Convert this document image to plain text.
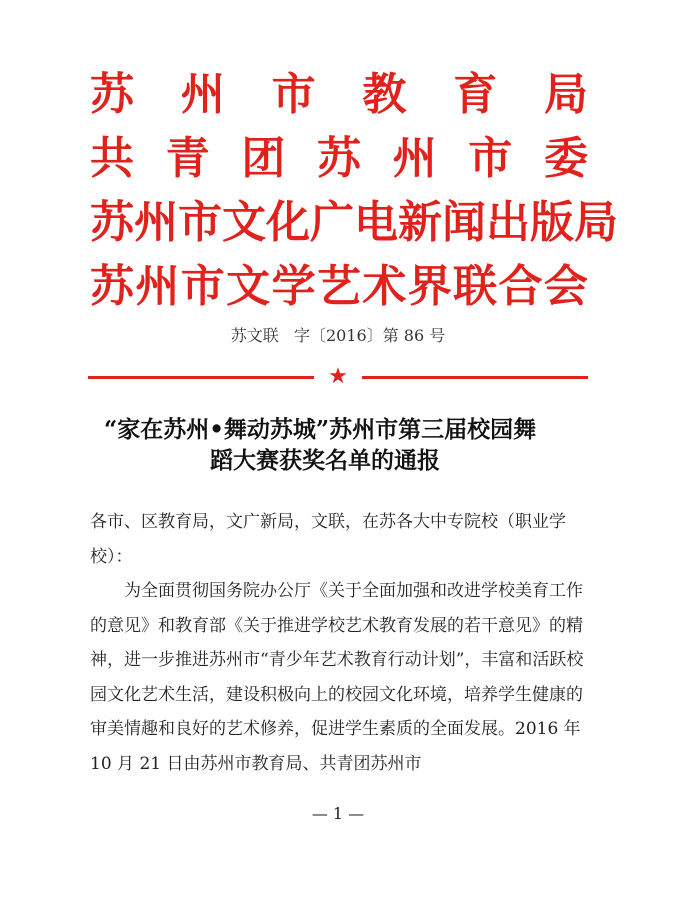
苏 州 市 教 育 局
共 青 团 苏 州 市 委
苏 州 市 文 化 广 电 新 闻 出 版 局
苏 州 市 文 学 艺 术 界 联 合 会
苏文联   字〔2016〕第 86 号
★
“家在苏州•舞动苏城”苏州市第三届校园舞
蹈大赛获奖名单的通报
各市、区教育局，文广新局，文联，在苏各大中专院校（职业学校）：
为全面贯彻国务院办公厅《关于全面加强和改进学校美育工作的意见》和教育部《关于推进学校艺术教育发展的若干意见》的精神，进一步推进苏州市“青少年艺术教育行动计划”，丰富和活跃校园文化艺术生活，建设积极向上的校园文化环境，培养学生健康的审美情趣和良好的艺术修养，促进学生素质的全面发展。2016 年 10 月 21 日由苏州市教育局、共青团苏州市
— 1 —
